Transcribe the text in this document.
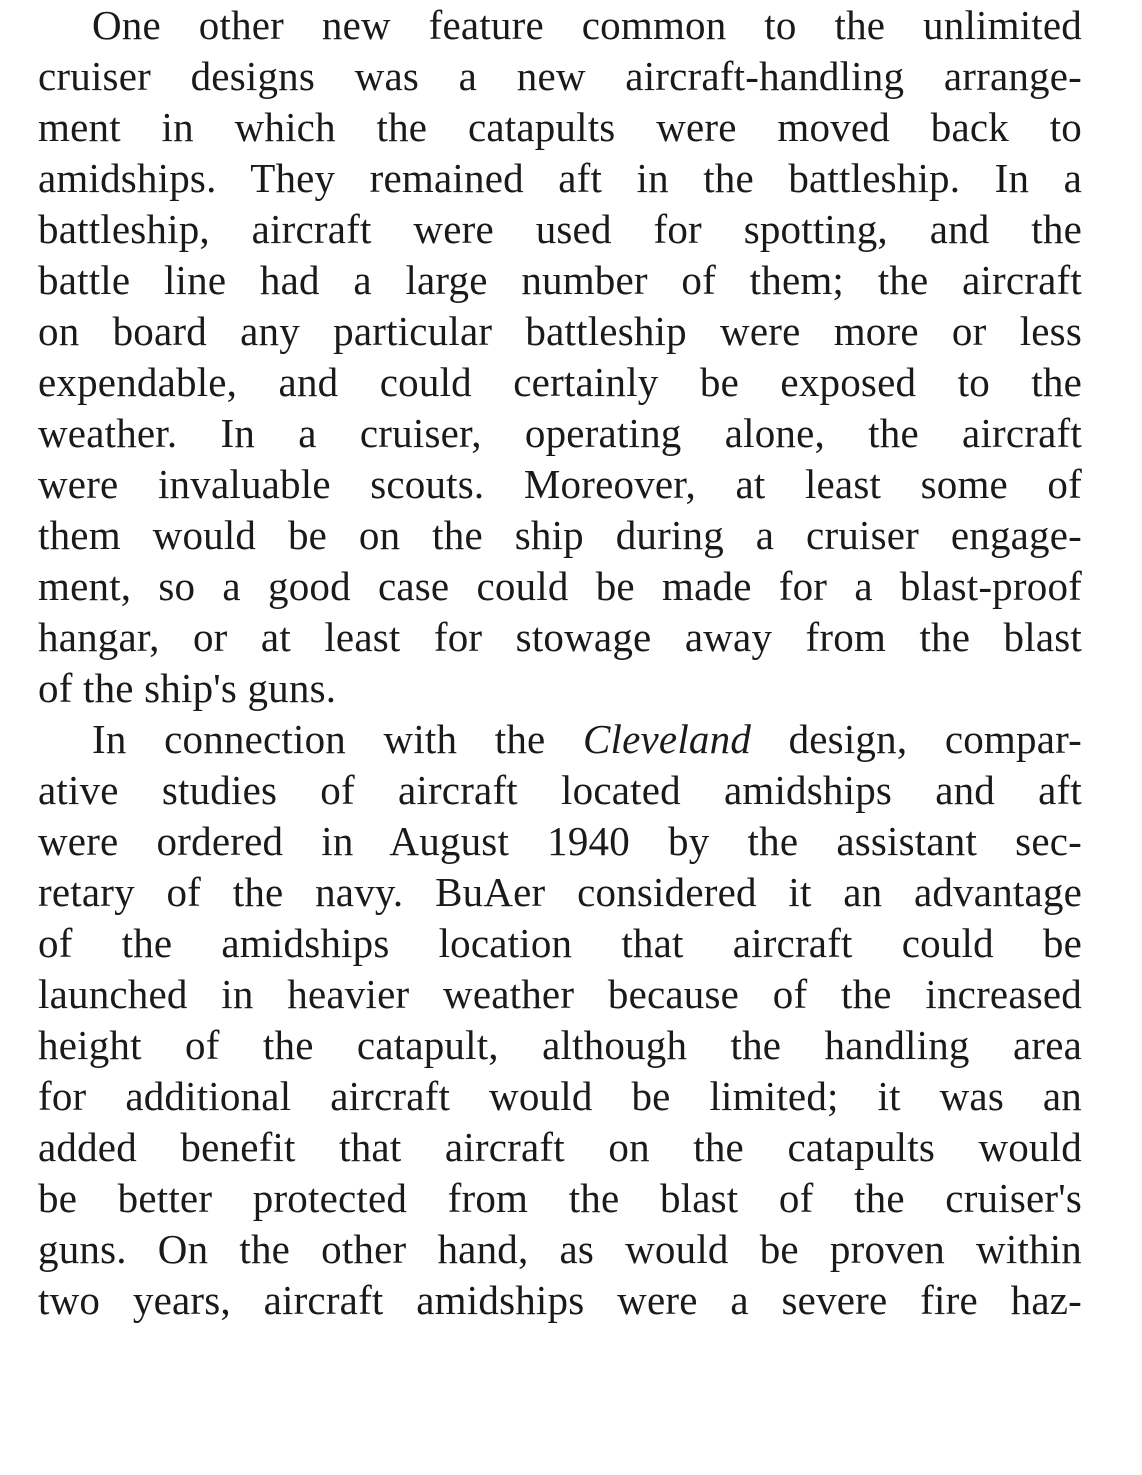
One other new feature common to the unlimited
cruiser designs was a new aircraft-handling arrange-
ment in which the catapults were moved back to
amidships. They remained aft in the battleship. In a
battleship, aircraft were used for spotting, and the
battle line had a large number of them; the aircraft
on board any particular battleship were more or less
expendable, and could certainly be exposed to the
weather. In a cruiser, operating alone, the aircraft
were invaluable scouts. Moreover, at least some of
them would be on the ship during a cruiser engage-
ment, so a good case could be made for a blast-proof
hangar, or at least for stowage away from the blast
of the ship's guns.
In connection with the Cleveland design, compar-
ative studies of aircraft located amidships and aft
were ordered in August 1940 by the assistant sec-
retary of the navy. BuAer considered it an advantage
of the amidships location that aircraft could be
launched in heavier weather because of the increased
height of the catapult, although the handling area
for additional aircraft would be limited; it was an
added benefit that aircraft on the catapults would
be better protected from the blast of the cruiser's
guns. On the other hand, as would be proven within
two years, aircraft amidships were a severe fire haz-
